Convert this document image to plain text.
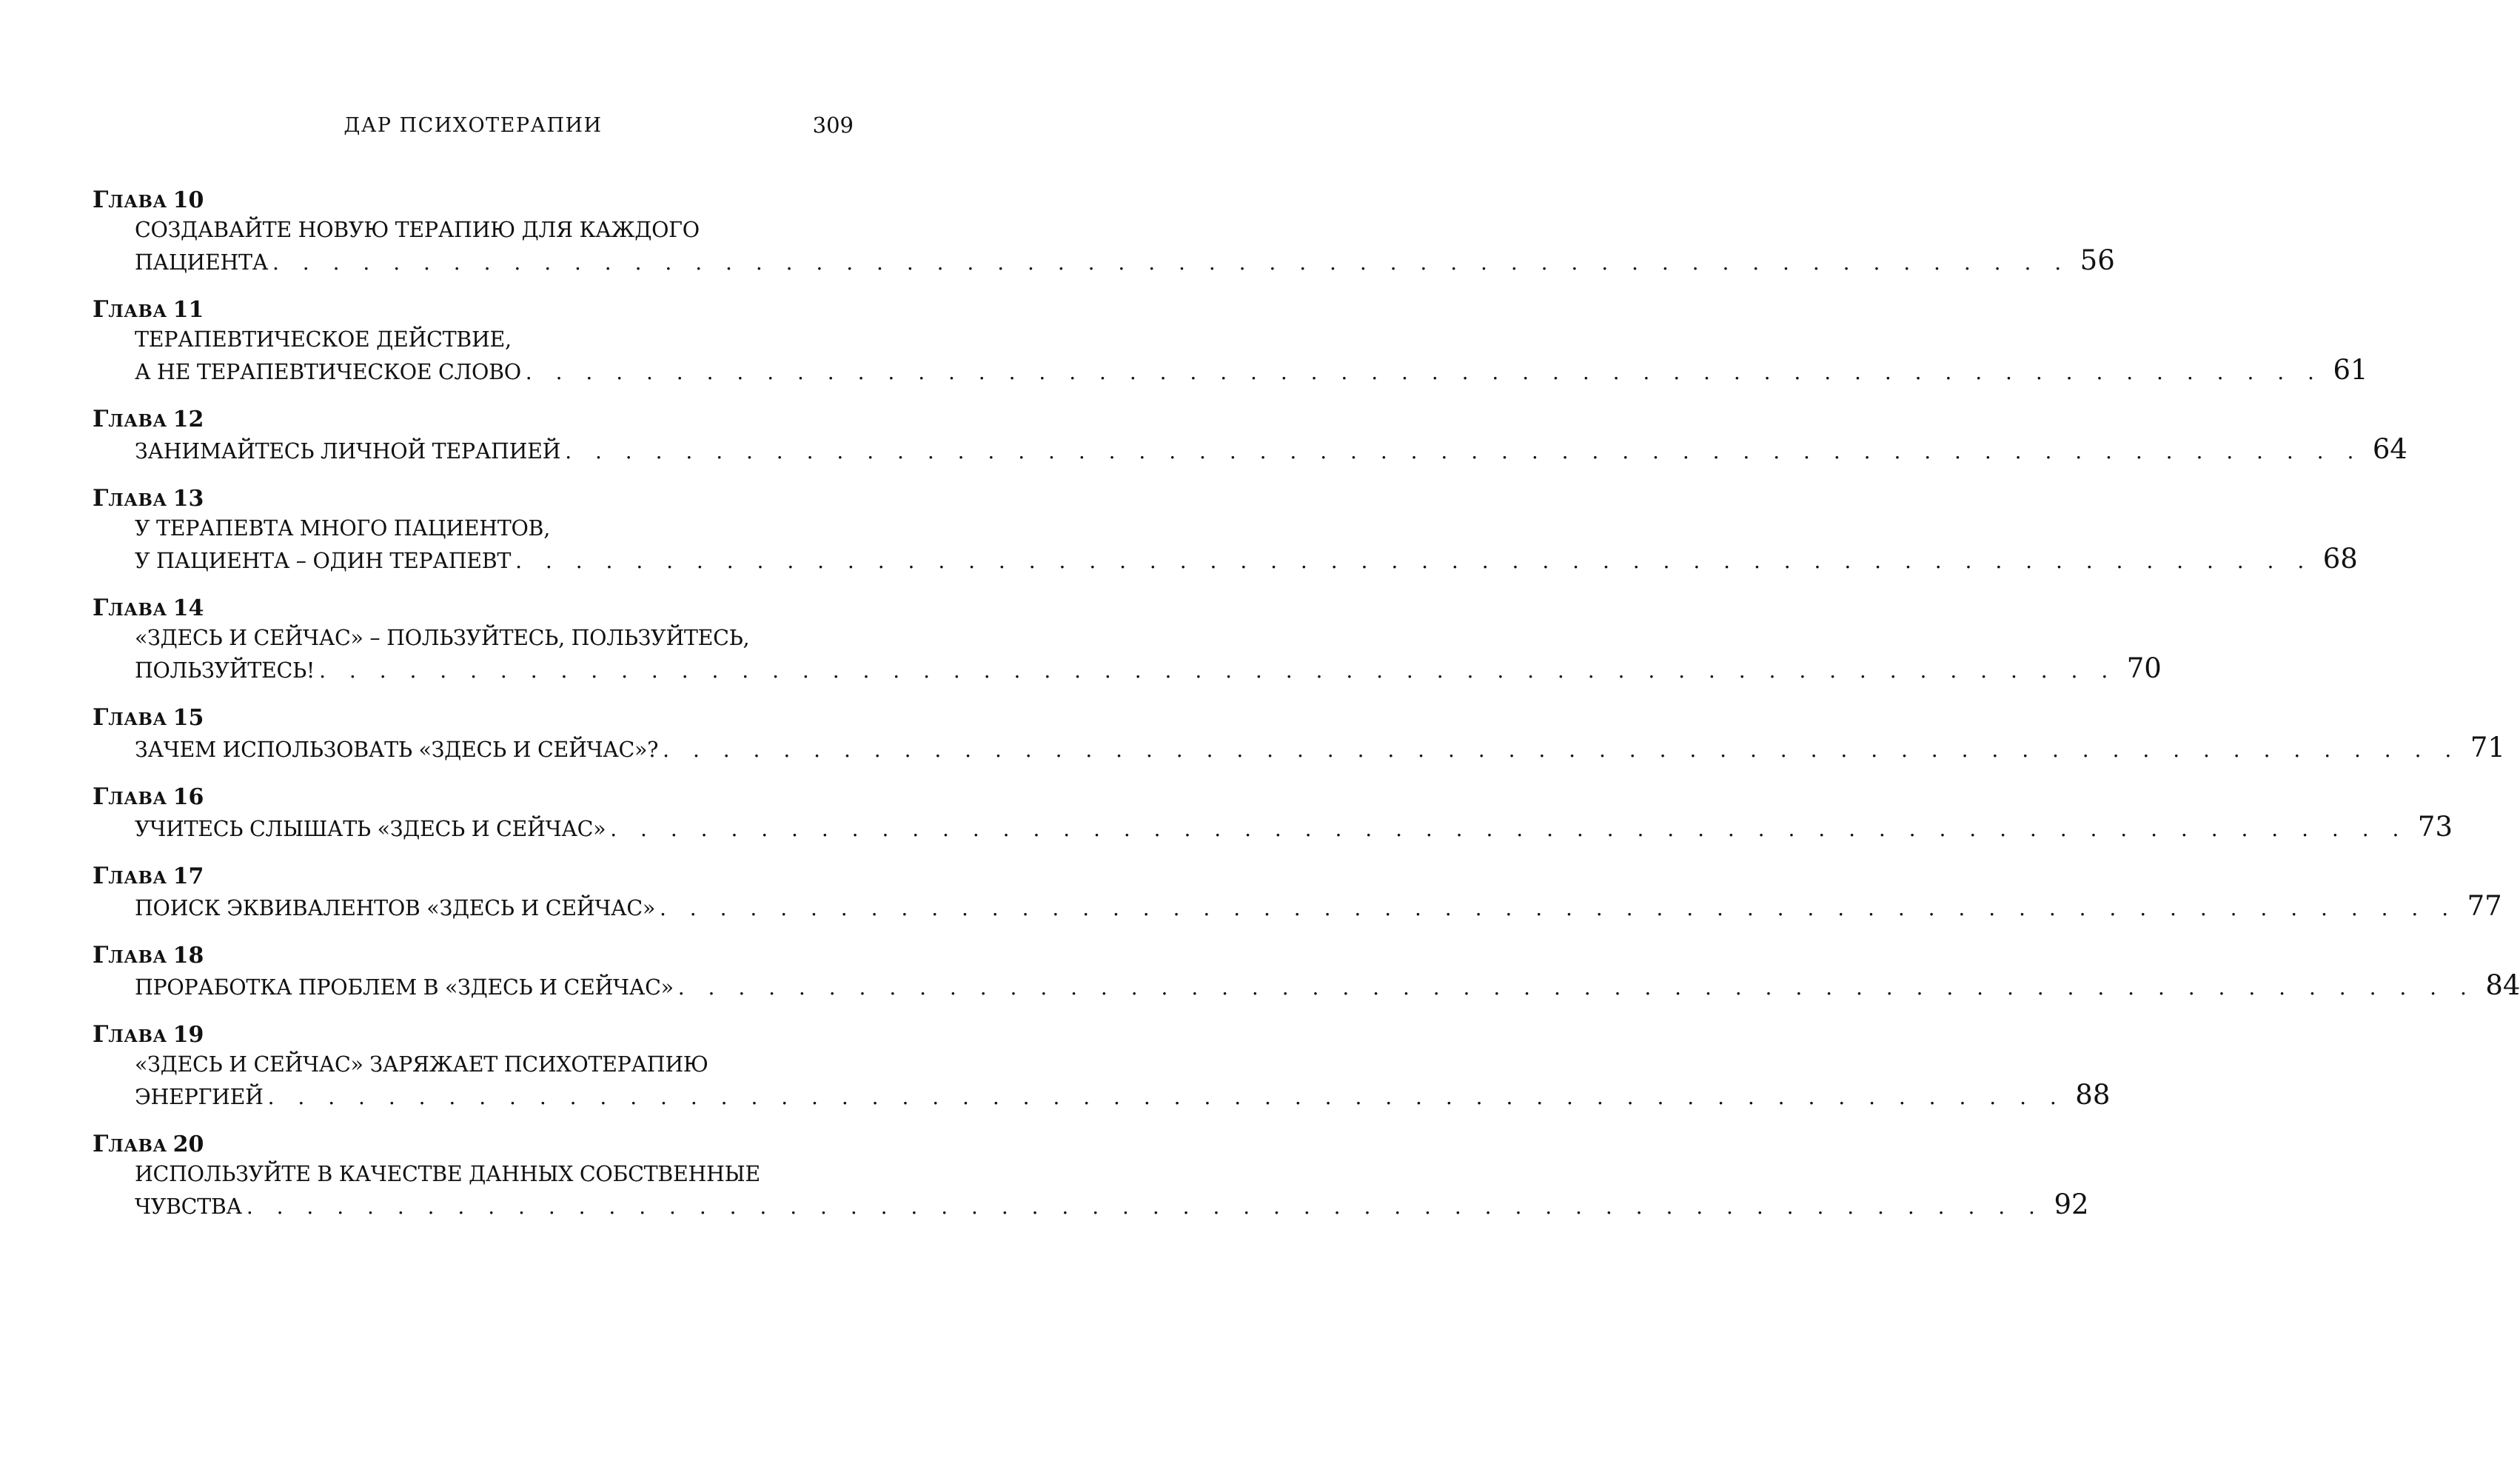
ДАР ПСИХОТЕРАПИИ	309
ГЛАВА 10
СОЗДАВАЙТЕ НОВУЮ ТЕРАПИЮ ДЛЯ КАЖДОГО
ПАЦИЕНТА . . . . . . . . . . . . . . . . . . . . . . . . . . . . . . . . . . . . . . . . . . . . . . . . . . . . . . . . . . . . 56
ГЛАВА 11
ТЕРАПЕВТИЧЕСКОЕ ДЕЙСТВИЕ,
А НЕ ТЕРАПЕВТИЧЕСКОЕ СЛОВО . . . . . . . . . . . . . . . . . . . . . . . . . . . . . . . . . . . . . . . . . . . . . . . . . . . . . . . . . . . . 61
ГЛАВА 12
ЗАНИМАЙТЕСЬ ЛИЧНОЙ ТЕРАПИЕЙ . . . . . . . . . . . . . . . . . . . . . . . . . . . . . . . . . . . . . . . . . . . . . . . . . . . . . . . . . . . . 64
ГЛАВА 13
У ТЕРАПЕВТА МНОГО ПАЦИЕНТОВ,
У ПАЦИЕНТА – ОДИН ТЕРАПЕВТ . . . . . . . . . . . . . . . . . . . . . . . . . . . . . . . . . . . . . . . . . . . . . . . . . . . . . . . . . . . . 68
ГЛАВА 14
«ЗДЕСЬ И СЕЙЧАС» – ПОЛЬЗУЙТЕСЬ, ПОЛЬЗУЙТЕСЬ,
ПОЛЬЗУЙТЕСЬ! . . . . . . . . . . . . . . . . . . . . . . . . . . . . . . . . . . . . . . . . . . . . . . . . . . . . . . . . . . . . 70
ГЛАВА 15
ЗАЧЕМ ИСПОЛЬЗОВАТЬ «ЗДЕСЬ И СЕЙЧАС»? . . . . . . . . . . . . . . . . . . . . . . . . . . . . . . . . . . . . . . . . . . . . . . . . . . . . . . . . . . . . 71
ГЛАВА 16
УЧИТЕСЬ СЛЫШАТЬ «ЗДЕСЬ И СЕЙЧАС» . . . . . . . . . . . . . . . . . . . . . . . . . . . . . . . . . . . . . . . . . . . . . . . . . . . . . . . . . . . . 73
ГЛАВА 17
ПОИСК ЭКВИВАЛЕНТОВ «ЗДЕСЬ И СЕЙЧАС» . . . . . . . . . . . . . . . . . . . . . . . . . . . . . . . . . . . . . . . . . . . . . . . . . . . . . . . . . . . . 77
ГЛАВА 18
ПРОРАБОТКА ПРОБЛЕМ В «ЗДЕСЬ И СЕЙЧАС» . . . . . . . . . . . . . . . . . . . . . . . . . . . . . . . . . . . . . . . . . . . . . . . . . . . . . . . . . . . . 84
ГЛАВА 19
«ЗДЕСЬ И СЕЙЧАС» ЗАРЯЖАЕТ ПСИХОТЕРАПИЮ
ЭНЕРГИЕЙ . . . . . . . . . . . . . . . . . . . . . . . . . . . . . . . . . . . . . . . . . . . . . . . . . . . . . . . . . . . . 88
ГЛАВА 20
ИСПОЛЬЗУЙТЕ В КАЧЕСТВЕ ДАННЫХ СОБСТВЕННЫЕ
ЧУВСТВА . . . . . . . . . . . . . . . . . . . . . . . . . . . . . . . . . . . . . . . . . . . . . . . . . . . . . . . . . . . . 92
